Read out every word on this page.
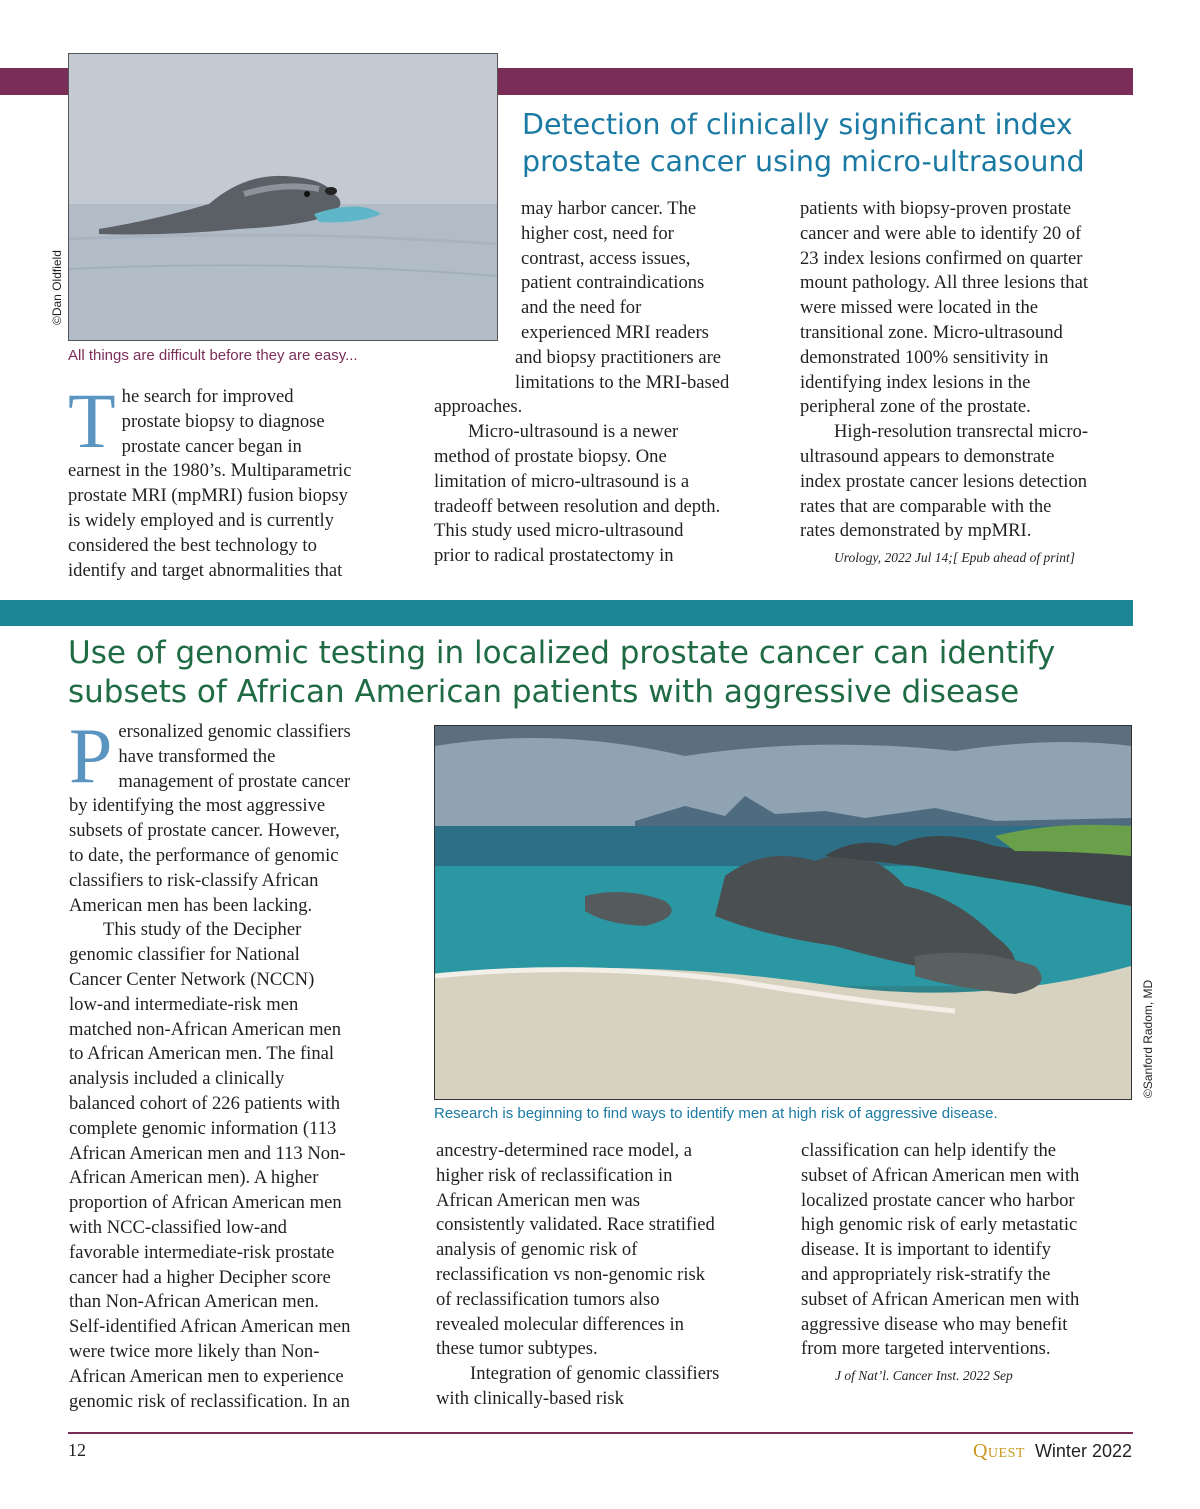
©Dan Oldfield
All things are difficult before they are easy...
Detection of clinically significant index
prostate cancer using micro-ultrasound
T he search for improved
prostate biopsy to diagnose
prostate cancer began in
earnest in the 1980’s. Multiparametric
prostate MRI (mpMRI) fusion biopsy
is widely employed and is currently
considered the best technology to
identify and target abnormalities that
may harbor cancer. The
higher cost, need for
contrast, access issues,
patient contraindications
and the need for
experienced MRI readers
and biopsy practitioners are
limitations to the MRI-based
approaches.
Micro-ultrasound is a newer
method of prostate biopsy. One
limitation of micro-ultrasound is a
tradeoff between resolution and depth.
This study used micro-ultrasound
prior to radical prostatectomy in
patients with biopsy-proven prostate
cancer and were able to identify 20 of
23 index lesions confirmed on quarter
mount pathology. All three lesions that
were missed were located in the
transitional zone. Micro-ultrasound
demonstrated 100% sensitivity in
identifying index lesions in the
peripheral zone of the prostate.
High-resolution transrectal micro-
ultrasound appears to demonstrate
index prostate cancer lesions detection
rates that are comparable with the
rates demonstrated by mpMRI.
Urology, 2022 Jul 14;[ Epub ahead of print]
Use of genomic testing in localized prostate cancer can identify
subsets of African American patients with aggressive disease
©Sanford Radom, MD
Research is beginning to find ways to identify men at high risk of aggressive disease.
P ersonalized genomic classifiers
have transformed the
management of prostate cancer
by identifying the most aggressive
subsets of prostate cancer. However,
to date, the performance of genomic
classifiers to risk-classify African
American men has been lacking.
This study of the Decipher
genomic classifier for National
Cancer Center Network (NCCN)
low-and intermediate-risk men
matched non-African American men
to African American men. The final
analysis included a clinically
balanced cohort of 226 patients with
complete genomic information (113
African American men and 113 Non-
African American men). A higher
proportion of African American men
with NCC-classified low-and
favorable intermediate-risk prostate
cancer had a higher Decipher score
than Non-African American men.
Self-identified African American men
were twice more likely than Non-
African American men to experience
genomic risk of reclassification. In an
ancestry-determined race model, a
higher risk of reclassification in
African American men was
consistently validated. Race stratified
analysis of genomic risk of
reclassification vs non-genomic risk
of reclassification tumors also
revealed molecular differences in
these tumor subtypes.
Integration of genomic classifiers
with clinically-based risk
classification can help identify the
subset of African American men with
localized prostate cancer who harbor
high genomic risk of early metastatic
disease. It is important to identify
and appropriately risk-stratify the
subset of African American men with
aggressive disease who may benefit
from more targeted interventions.
J of Nat’l. Cancer Inst. 2022 Sep
12	Quest Winter 2022
